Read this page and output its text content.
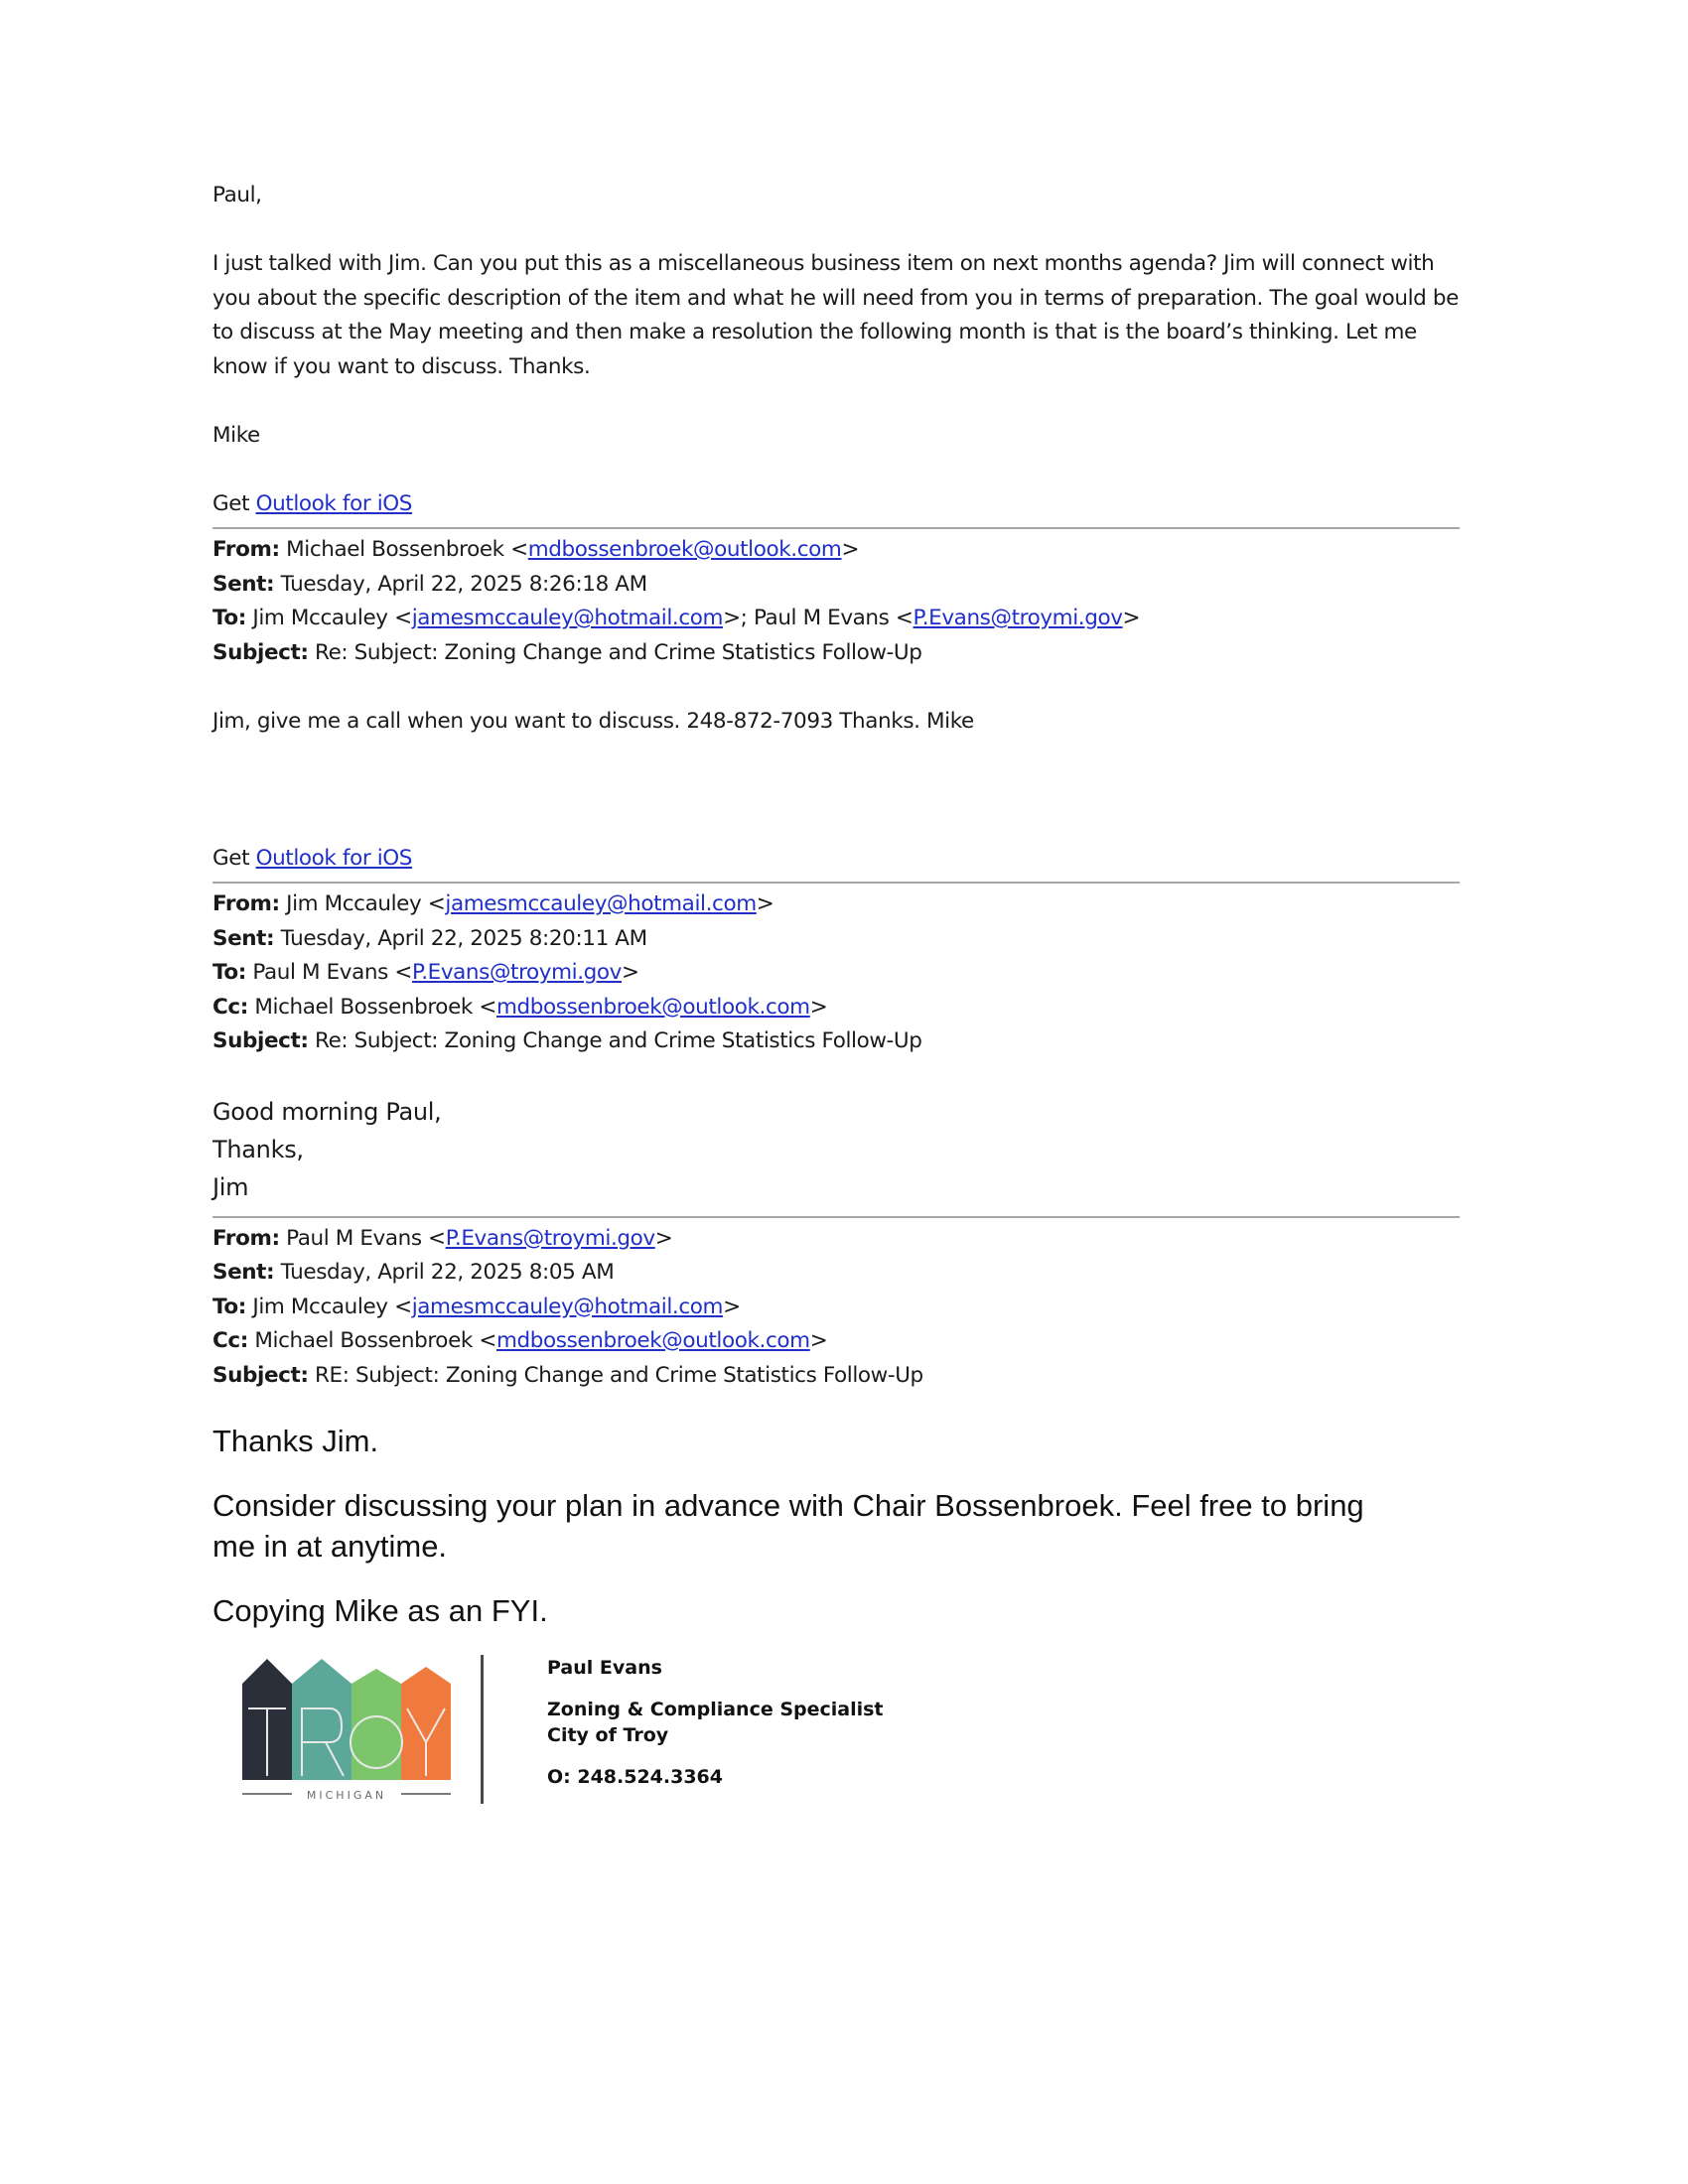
Paul,

I just talked with Jim. Can you put this as a miscellaneous business item on next months agenda? Jim will connect with

you about the specific description of the item and what he will need from you in terms of preparation. The goal would be

to discuss at the May meeting and then make a resolution the following month is that is the board’s thinking. Let me

know if you want to discuss. Thanks.

Mike

Get Outlook for iOS

From: Michael Bossenbroek <mdbossenbroek@outlook.com>

Sent: Tuesday, April 22, 2025 8:26:18 AM

To: Jim Mccauley <jamesmccauley@hotmail.com>; Paul M Evans <P.Evans@troymi.gov>

Subject: Re: Subject: Zoning Change and Crime Statistics Follow-Up

Jim, give me a call when you want to discuss. 248-872-7093 Thanks. Mike

Get Outlook for iOS

From: Jim Mccauley <jamesmccauley@hotmail.com>

Sent: Tuesday, April 22, 2025 8:20:11 AM

To: Paul M Evans <P.Evans@troymi.gov>

Cc: Michael Bossenbroek <mdbossenbroek@outlook.com>

Subject: Re: Subject: Zoning Change and Crime Statistics Follow-Up

Good morning Paul,

Thanks,

Jim

From: Paul M Evans <P.Evans@troymi.gov>

Sent: Tuesday, April 22, 2025 8:05 AM

To: Jim Mccauley <jamesmccauley@hotmail.com>

Cc: Michael Bossenbroek <mdbossenbroek@outlook.com>

Subject: RE: Subject: Zoning Change and Crime Statistics Follow-Up

Thanks Jim.

Consider discussing your plan in advance with Chair Bossenbroek. Feel free to bring
me in at anytime.

Copying Mike as an FYI.

MICHIGAN
Paul Evans
Zoning & Compliance Specialist
City of Troy
O: 248.524.3364
